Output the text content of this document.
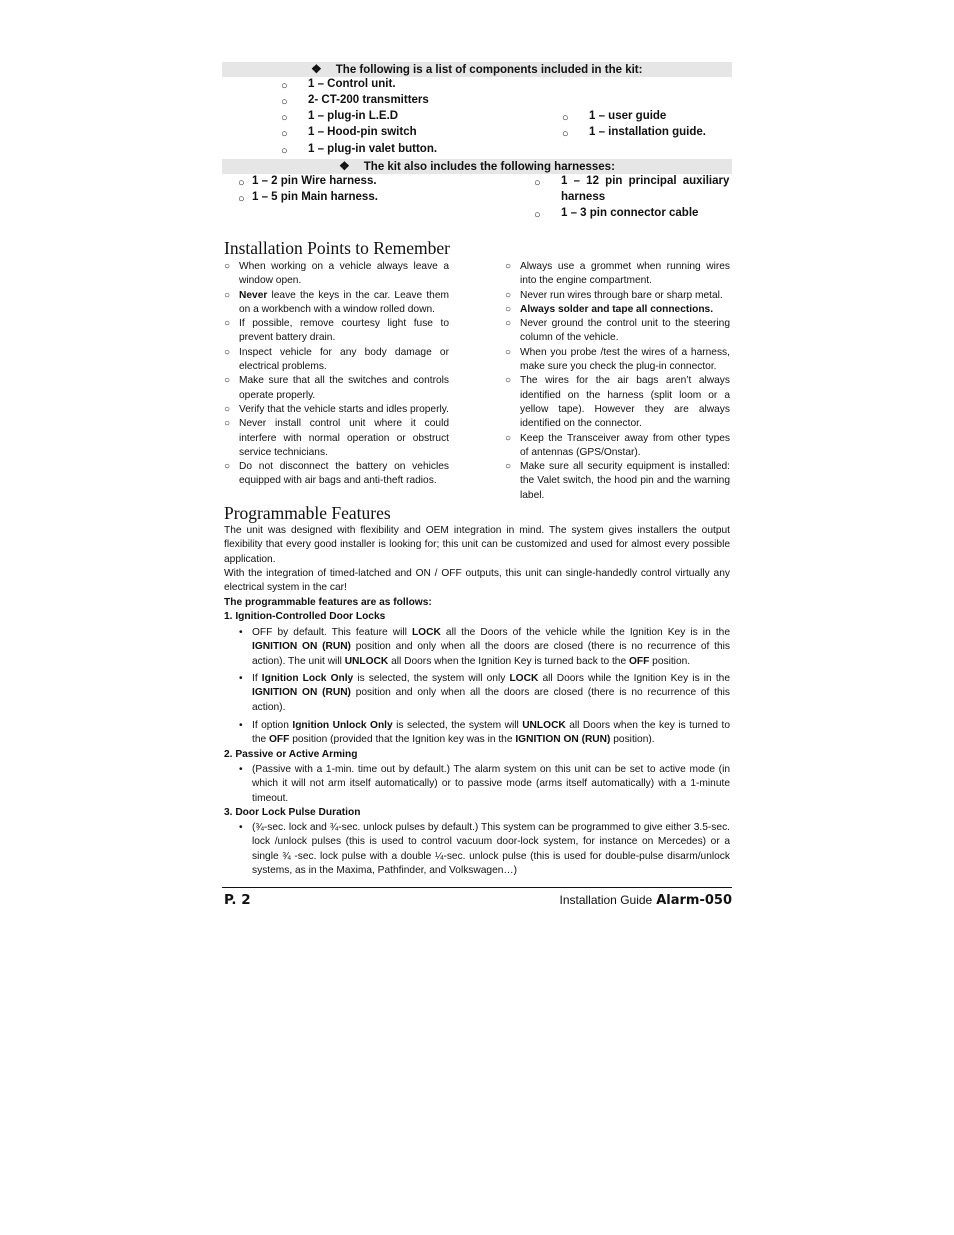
❖ The following is a list of components included in the kit:
○ 1 – Control unit.
○ 2- CT-200 transmitters
○ 1 – plug-in L.E.D
○ 1 – Hood-pin switch
○ 1 – plug-in valet button.
○ 1 – user guide
○ 1 – installation guide.
❖ The kit also includes the following harnesses:
○ 1 – 2 pin Wire harness.
○ 1 – 5 pin Main harness.
○ 1 – 12 pin principal auxiliary
harness
○ 1 – 3 pin connector cable
Installation Points to Remember
○ When working on a vehicle always leave a window open.
○ Never leave the keys in the car. Leave them on a workbench with a window rolled down.
○ If possible, remove courtesy light fuse to prevent battery drain.
○ Inspect vehicle for any body damage or electrical problems.
○ Make sure that all the switches and controls operate properly.
○ Verify that the vehicle starts and idles properly.
○ Never install control unit where it could interfere with normal operation or obstruct service technicians.
○ Do not disconnect the battery on vehicles equipped with air bags and anti-theft radios.
○ Always use a grommet when running wires into the engine compartment.
○ Never run wires through bare or sharp metal.
○ Always solder and tape all connections.
○ Never ground the control unit to the steering column of the vehicle.
○ When you probe /test the wires of a harness, make sure you check the plug-in connector.
○ The wires for the air bags aren’t always identified on the harness (split loom or a yellow tape). However they are always identified on the connector.
○ Keep the Transceiver away from other types of antennas (GPS/Onstar).
○ Make sure all security equipment is installed: the Valet switch, the hood pin and the warning label.
Programmable Features

The unit was designed with flexibility and OEM integration in mind. The system gives installers the output flexibility that every good installer is looking for; this unit can be customized and used for almost every possible application.

With the integration of timed-latched and ON / OFF outputs, this unit can single-handedly control virtually any electrical system in the car!

The programmable features are as follows:

1. Ignition-Controlled Door Locks

• OFF by default. This feature will LOCK all the Doors of the vehicle while the Ignition Key is in the IGNITION ON (RUN) position and only when all the doors are closed (there is no recurrence of this action). The unit will UNLOCK all Doors when the Ignition Key is turned back to the OFF position.
• If Ignition Lock Only is selected, the system will only LOCK all Doors while the Ignition Key is in the IGNITION ON (RUN) position and only when all the doors are closed (there is no recurrence of this action).
• If option Ignition Unlock Only is selected, the system will UNLOCK all Doors when the key is turned to the OFF position (provided that the Ignition key was in the IGNITION ON (RUN) position).

2. Passive or Active Arming

• (Passive with a 1-min. time out by default.) The alarm system on this unit can be set to active mode (in which it will not arm itself automatically) or to passive mode (arms itself automatically) with a 1-minute timeout.

3. Door Lock Pulse Duration

• (¾-sec. lock and ¾-sec. unlock pulses by default.) This system can be programmed to give either 3.5-sec. lock /unlock pulses (this is used to control vacuum door-lock system, for instance on Mercedes) or a single ¾ -sec. lock pulse with a double ¼-sec. unlock pulse (this is used for double-pulse disarm/unlock systems, as in the Maxima, Pathfinder, and Volkswagen…)
P. 2	Installation Guide Alarm-050
